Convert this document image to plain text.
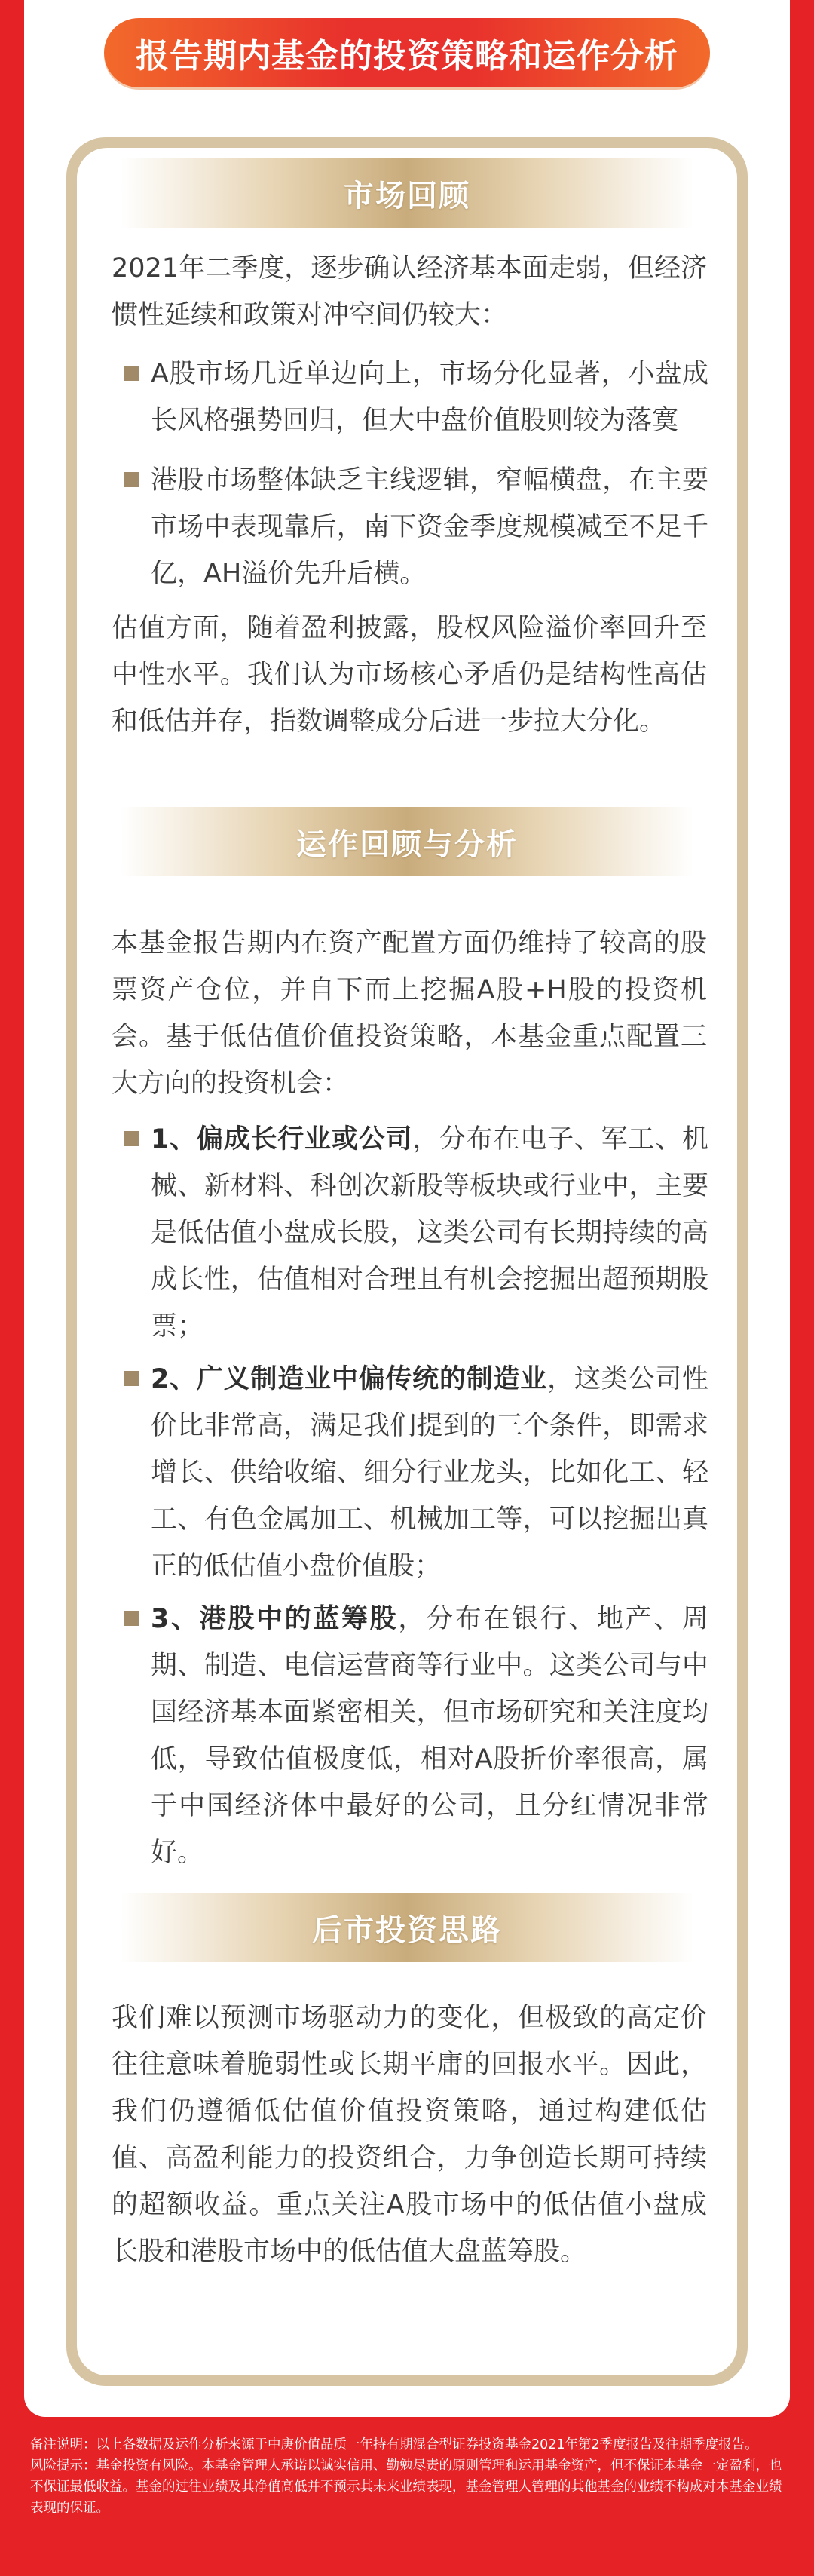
报告期内基金的投资策略和运作分析
市场回顾
2021年二季度，逐步确认经济基本面走弱，但经济惯性延续和政策对冲空间仍较大：
A股市场几近单边向上，市场分化显著，小盘成长风格强势回归，但大中盘价值股则较为落寞
港股市场整体缺乏主线逻辑，窄幅横盘，在主要市场中表现靠后，南下资金季度规模减至不足千亿，AH溢价先升后横。
估值方面，随着盈利披露，股权风险溢价率回升至中性水平。我们认为市场核心矛盾仍是结构性高估和低估并存，指数调整成分后进一步拉大分化。
运作回顾与分析
本基金报告期内在资产配置方面仍维持了较高的股票资产仓位，并自下而上挖掘A股+H股的投资机会。基于低估值价值投资策略，本基金重点配置三大方向的投资机会：
1、偏成长行业或公司，分布在电子、军工、机械、新材料、科创次新股等板块或行业中，主要是低估值小盘成长股，这类公司有长期持续的高成长性，估值相对合理且有机会挖掘出超预期股票；
2、广义制造业中偏传统的制造业，这类公司性价比非常高，满足我们提到的三个条件，即需求增长、供给收缩、细分行业龙头，比如化工、轻工、有色金属加工、机械加工等，可以挖掘出真正的低估值小盘价值股；
3、港股中的蓝筹股，分布在银行、地产、周期、制造、电信运营商等行业中。这类公司与中国经济基本面紧密相关，但市场研究和关注度均低，导致估值极度低，相对A股折价率很高，属于中国经济体中最好的公司，且分红情况非常好。
后市投资思路
我们难以预测市场驱动力的变化，但极致的高定价往往意味着脆弱性或长期平庸的回报水平。因此，我们仍遵循低估值价值投资策略，通过构建低估值、高盈利能力的投资组合，力争创造长期可持续的超额收益。重点关注A股市场中的低估值小盘成长股和港股市场中的低估值大盘蓝筹股。

备注说明：以上各数据及运作分析来源于中庚价值品质一年持有期混合型证券投资基金2021年第2季度报告及往期季度报告。

风险提示：基金投资有风险。本基金管理人承诺以诚实信用、勤勉尽责的原则管理和运用基金资产，但不保证本基金一定盈利，也不保证最低收益。基金的过往业绩及其净值高低并不预示其未来业绩表现，基金管理人管理的其他基金的业绩不构成对本基金业绩表现的保证。
